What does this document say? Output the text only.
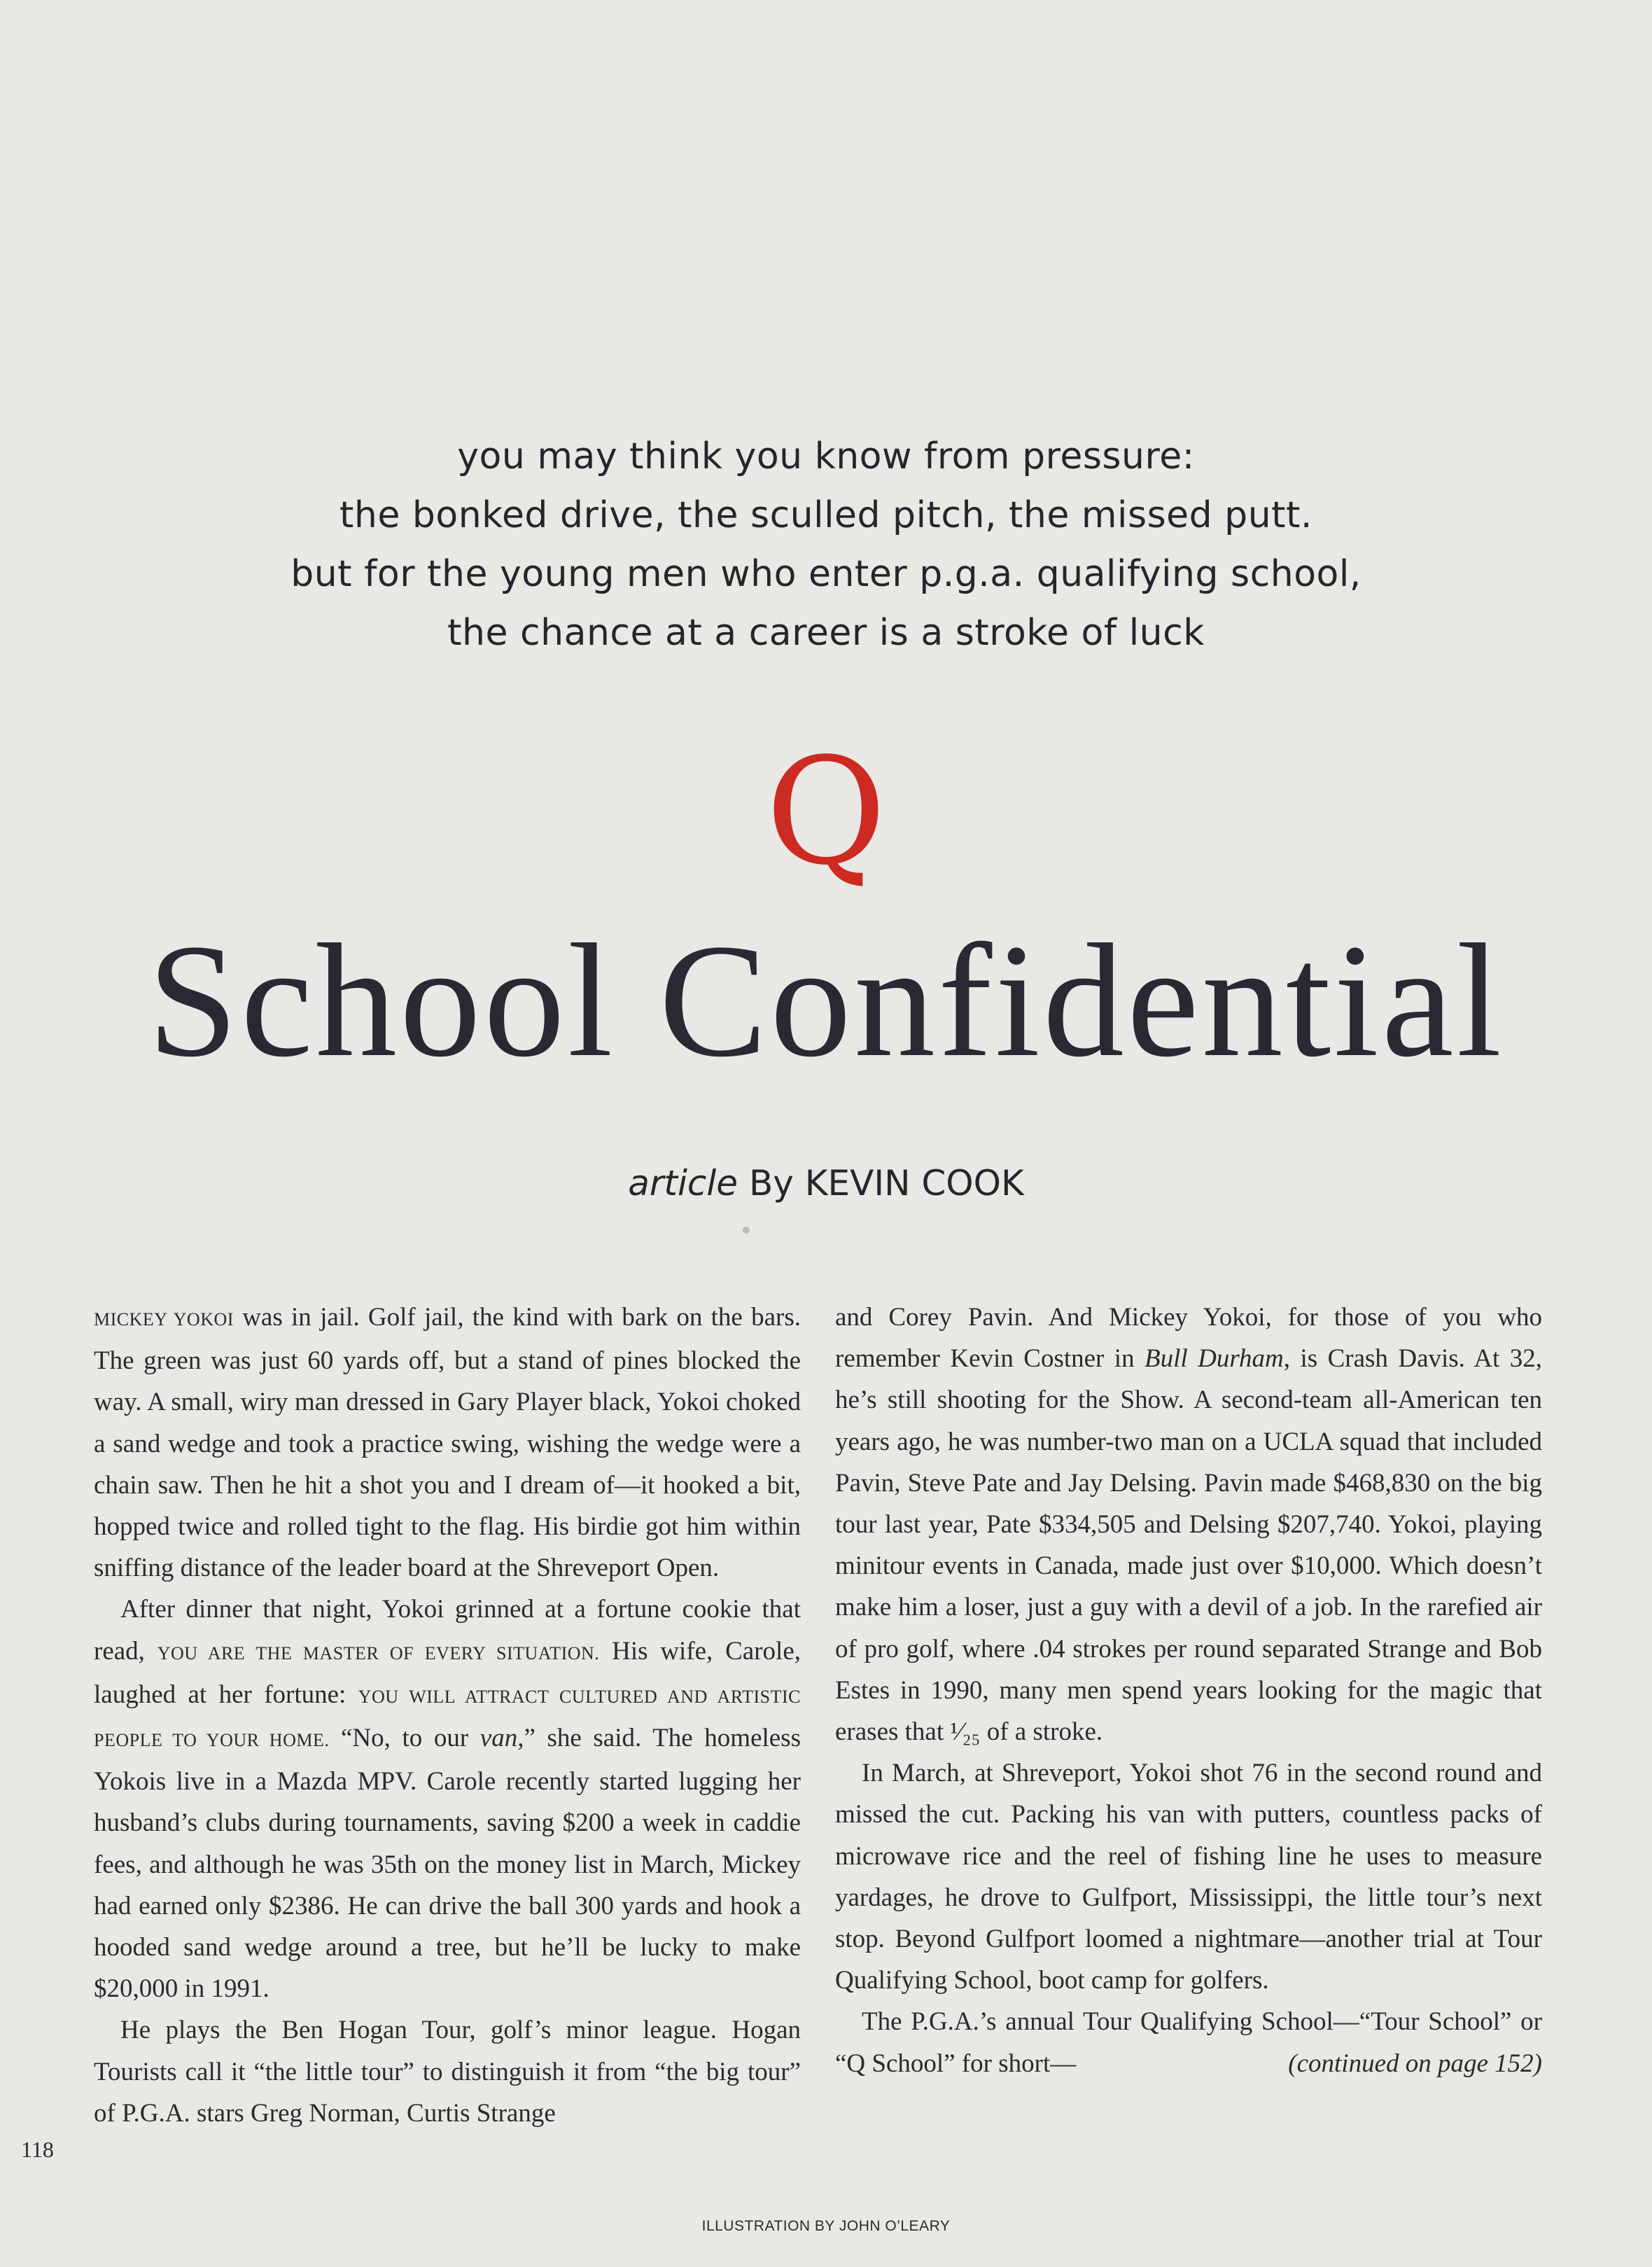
you may think you know from pressure:
the bonked drive, the sculled pitch, the missed putt.
but for the young men who enter p.g.a. qualifying school,
the chance at a career is a stroke of luck
Q
School Confidential
article By KEVIN COOK

MICKEY YOKOI was in jail. Golf jail, the kind with bark on the bars. The green was just 60 yards off, but a stand of pines blocked the way. A small, wiry man dressed in Gary Player black, Yokoi choked a sand wedge and took a practice swing, wishing the wedge were a chain saw. Then he hit a shot you and I dream of—it hooked a bit, hopped twice and rolled tight to the flag. His birdie got him within sniffing distance of the leader board at the Shreveport Open.

After dinner that night, Yokoi grinned at a fortune cookie that read, YOU ARE THE MASTER OF EVERY SITUATION. His wife, Carole, laughed at her fortune: YOU WILL ATTRACT CULTURED AND ARTISTIC PEOPLE TO YOUR HOME. “No, to our van,” she said. The homeless Yokois live in a Mazda MPV. Carole recently started lugging her husband’s clubs during tournaments, saving $200 a week in caddie fees, and although he was 35th on the money list in March, Mickey had earned only $2386. He can drive the ball 300 yards and hook a hooded sand wedge around a tree, but he’ll be lucky to make $20,000 in 1991.

He plays the Ben Hogan Tour, golf’s minor league. Hogan Tourists call it “the little tour” to distinguish it from “the big tour” of P.G.A. stars Greg Norman, Curtis Strange

and Corey Pavin. And Mickey Yokoi, for those of you who remember Kevin Costner in Bull Durham, is Crash Davis. At 32, he’s still shooting for the Show. A second-team all-American ten years ago, he was number-two man on a UCLA squad that included Pavin, Steve Pate and Jay Delsing. Pavin made $468,830 on the big tour last year, Pate $334,505 and Delsing $207,740. Yokoi, playing minitour events in Canada, made just over $10,000. Which doesn’t make him a loser, just a guy with a devil of a job. In the rarefied air of pro golf, where .04 strokes per round separated Strange and Bob Estes in 1990, many men spend years looking for the magic that erases that ¹⁄₂₅ of a stroke.

In March, at Shreveport, Yokoi shot 76 in the second round and missed the cut. Packing his van with putters, countless packs of microwave rice and the reel of fishing line he uses to measure yardages, he drove to Gulfport, Mississippi, the little tour’s next stop. Beyond Gulfport loomed a nightmare—another trial at Tour Qualifying School, boot camp for golfers.

The P.G.A.’s annual Tour Qualifying School—“Tour School” or “Q School” for short—	(continued on page 152)

118
ILLUSTRATION BY JOHN O’LEARY
